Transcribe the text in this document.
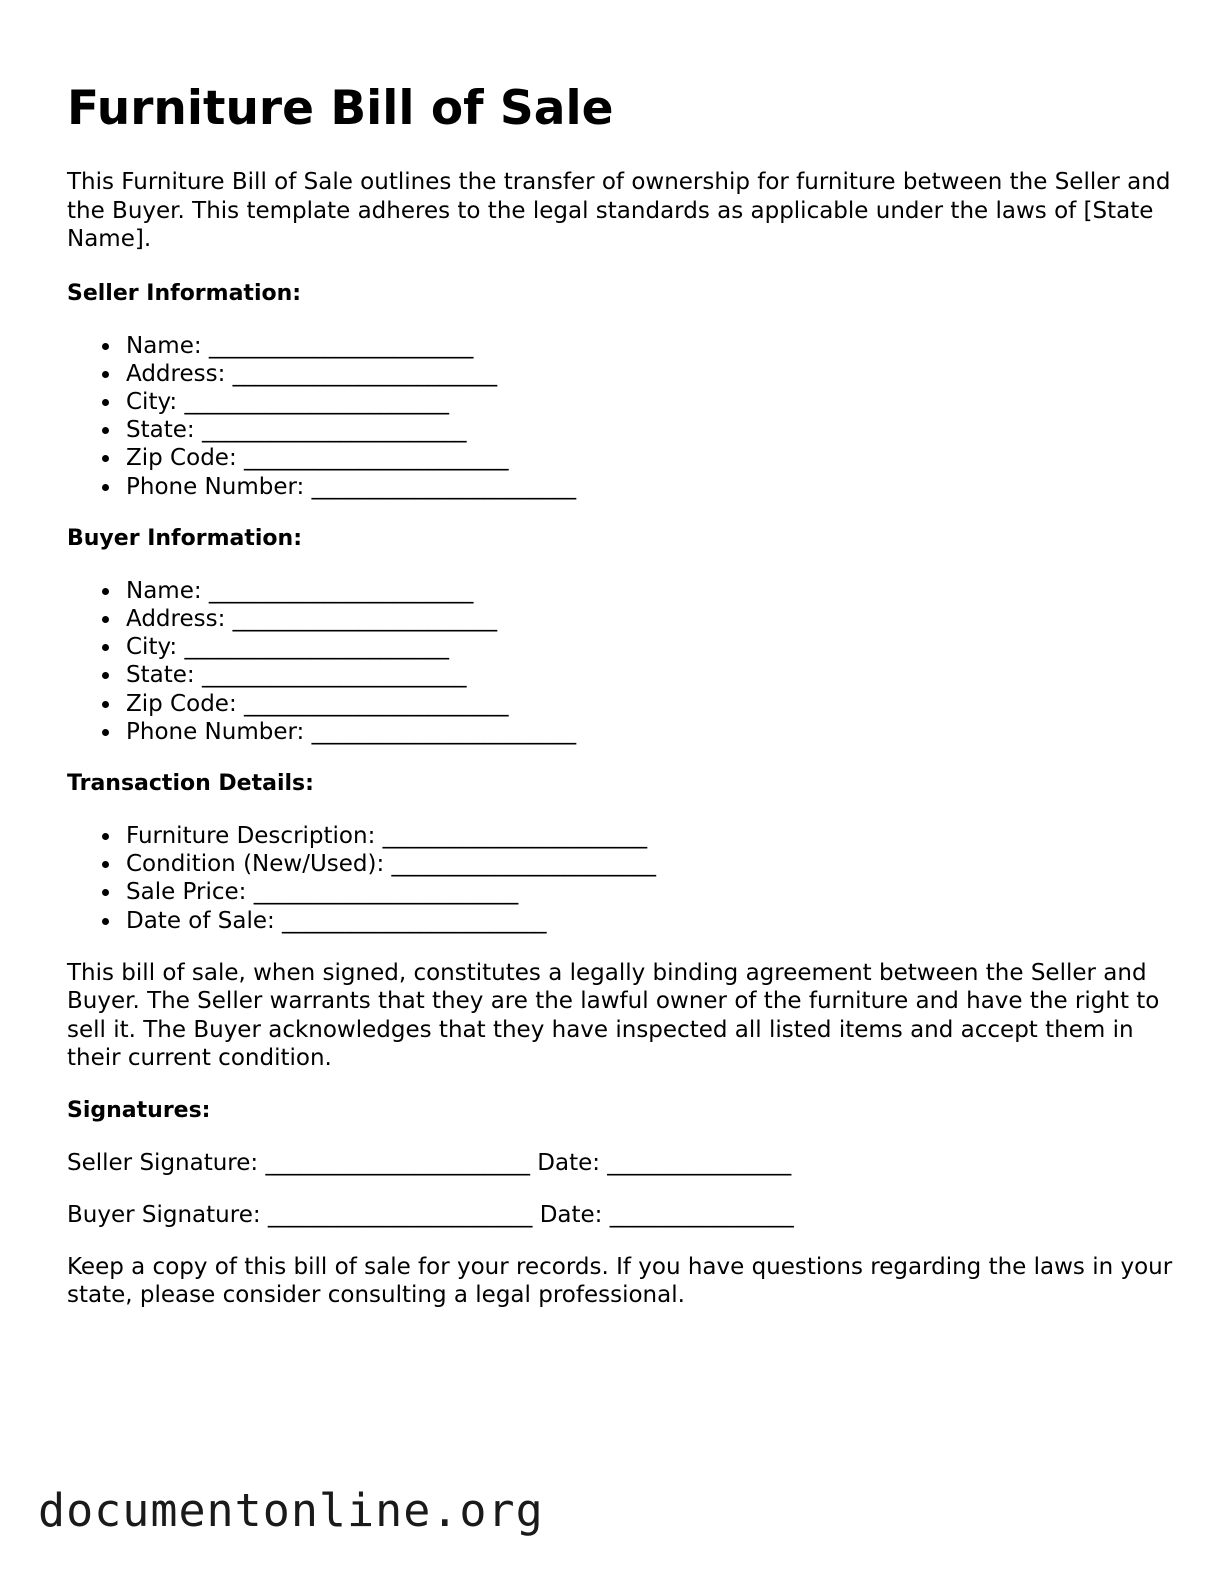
Furniture Bill of Sale

This Furniture Bill of Sale outlines the transfer of ownership for furniture between the Seller and the Buyer. This template adheres to the legal standards as applicable under the laws of [State Name].

Seller Information:
Name: _______________________
Address: _______________________
City: _______________________
State: _______________________
Zip Code: _______________________
Phone Number: _______________________
Buyer Information:
Name: _______________________
Address: _______________________
City: _______________________
State: _______________________
Zip Code: _______________________
Phone Number: _______________________
Transaction Details:
Furniture Description: _______________________
Condition (New/Used): _______________________
Sale Price: _______________________
Date of Sale: _______________________

This bill of sale, when signed, constitutes a legally binding agreement between the Seller and Buyer. The Seller warrants that they are the lawful owner of the furniture and have the right to sell it. The Buyer acknowledges that they have inspected all listed items and accept them in their current condition.

Signatures:
Seller Signature: _______________________ Date: ________________
Buyer Signature: _______________________ Date: ________________

Keep a copy of this bill of sale for your records. If you have questions regarding the laws in your state, please consider consulting a legal professional.

documentonline.org
